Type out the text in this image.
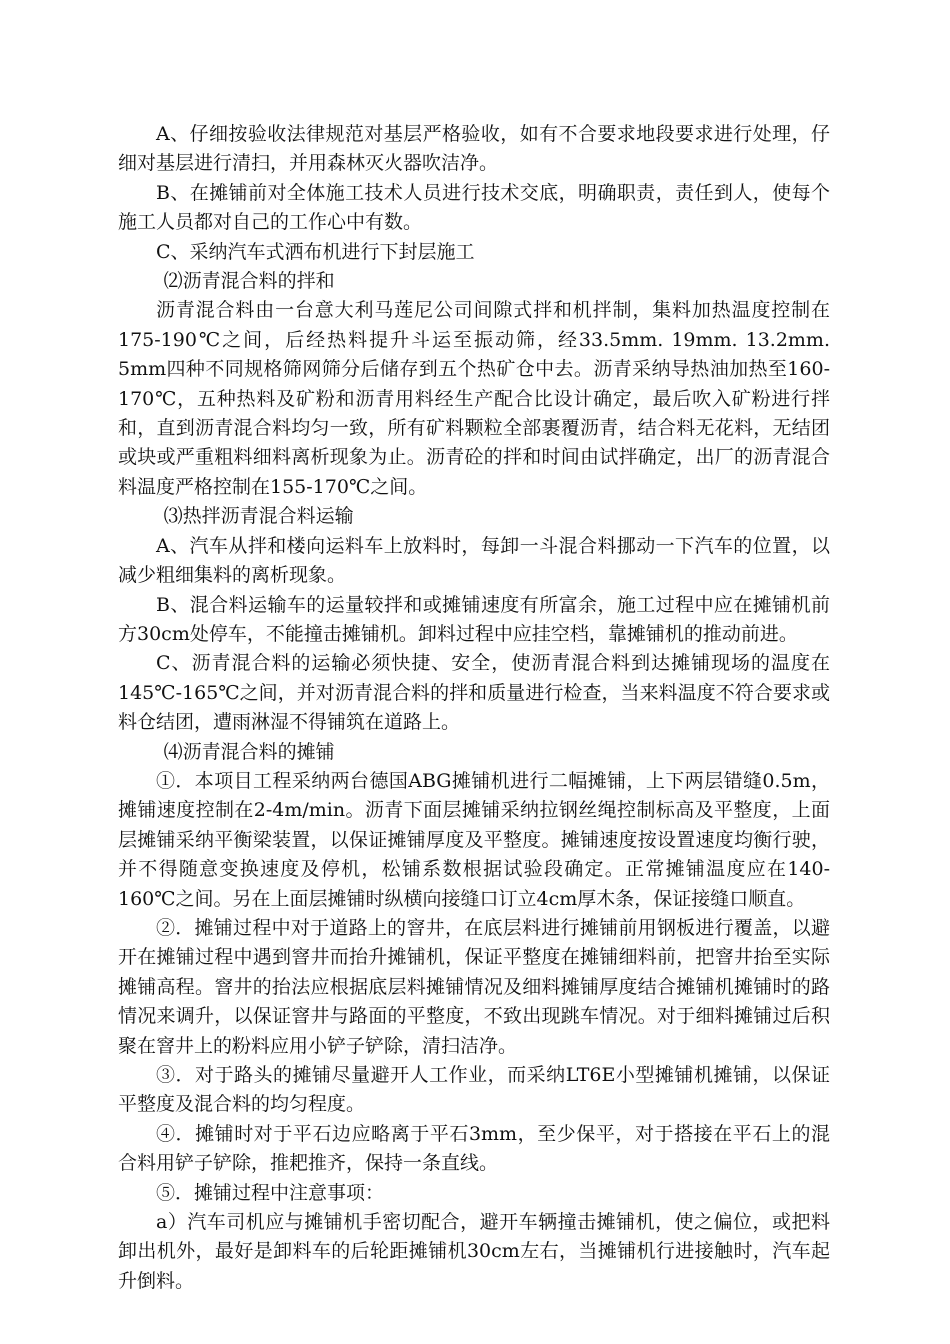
A、仔细按验收法律规范对基层严格验收，如有不合要求地段要求进行处理，仔细对基层进行清扫，并用森林灭火器吹洁净。

B、在摊铺前对全体施工技术人员进行技术交底，明确职责，责任到人，使每个施工人员都对自己的工作心中有数。

C、采纳汽车式洒布机进行下封层施工

⑵沥青混合料的拌和

沥青混合料由一台意大利马莲尼公司间隙式拌和机拌制，集料加热温度控制在175-190℃之间，后经热料提升斗运至振动筛，经33.5mm. 19mm. 13.2mm. 5mm四种不同规格筛网筛分后储存到五个热矿仓中去。沥青采纳导热油加热至160-170℃，五种热料及矿粉和沥青用料经生产配合比设计确定，最后吹入矿粉进行拌和，直到沥青混合料均匀一致，所有矿料颗粒全部裹覆沥青，结合料无花料，无结团或块或严重粗料细料离析现象为止。沥青砼的拌和时间由试拌确定，出厂的沥青混合料温度严格控制在155-170℃之间。

⑶热拌沥青混合料运输

A、汽车从拌和楼向运料车上放料时，每卸一斗混合料挪动一下汽车的位置，以减少粗细集料的离析现象。

B、混合料运输车的运量较拌和或摊铺速度有所富余，施工过程中应在摊铺机前方30cm处停车，不能撞击摊铺机。卸料过程中应挂空档，靠摊铺机的推动前进。

C、沥青混合料的运输必须快捷、安全，使沥青混合料到达摊铺现场的温度在145℃-165℃之间，并对沥青混合料的拌和质量进行检查，当来料温度不符合要求或料仓结团，遭雨淋湿不得铺筑在道路上。

⑷沥青混合料的摊铺

①．本项目工程采纳两台德国ABG摊铺机进行二幅摊铺，上下两层错缝0.5m，摊铺速度控制在2-4m/min。沥青下面层摊铺采纳拉钢丝绳控制标高及平整度，上面层摊铺采纳平衡梁装置，以保证摊铺厚度及平整度。摊铺速度按设置速度均衡行驶，并不得随意变换速度及停机，松铺系数根据试验段确定。正常摊铺温度应在140-160℃之间。另在上面层摊铺时纵横向接缝口订立4cm厚木条，保证接缝口顺直。

②．摊铺过程中对于道路上的窨井，在底层料进行摊铺前用钢板进行覆盖，以避开在摊铺过程中遇到窨井而抬升摊铺机，保证平整度在摊铺细料前，把窨井抬至实际摊铺高程。窨井的抬法应根据底层料摊铺情况及细料摊铺厚度结合摊铺机摊铺时的路情况来调升，以保证窨井与路面的平整度，不致出现跳车情况。对于细料摊铺过后积聚在窨井上的粉料应用小铲子铲除，清扫洁净。

③．对于路头的摊铺尽量避开人工作业，而采纳LT6E小型摊铺机摊铺，以保证平整度及混合料的均匀程度。

④．摊铺时对于平石边应略离于平石3mm，至少保平，对于搭接在平石上的混合料用铲子铲除，推耙推齐，保持一条直线。

⑤．摊铺过程中注意事项：

a）汽车司机应与摊铺机手密切配合，避开车辆撞击摊铺机，使之偏位，或把料卸出机外，最好是卸料车的后轮距摊铺机30cm左右，当摊铺机行进接触时，汽车起升倒料。
